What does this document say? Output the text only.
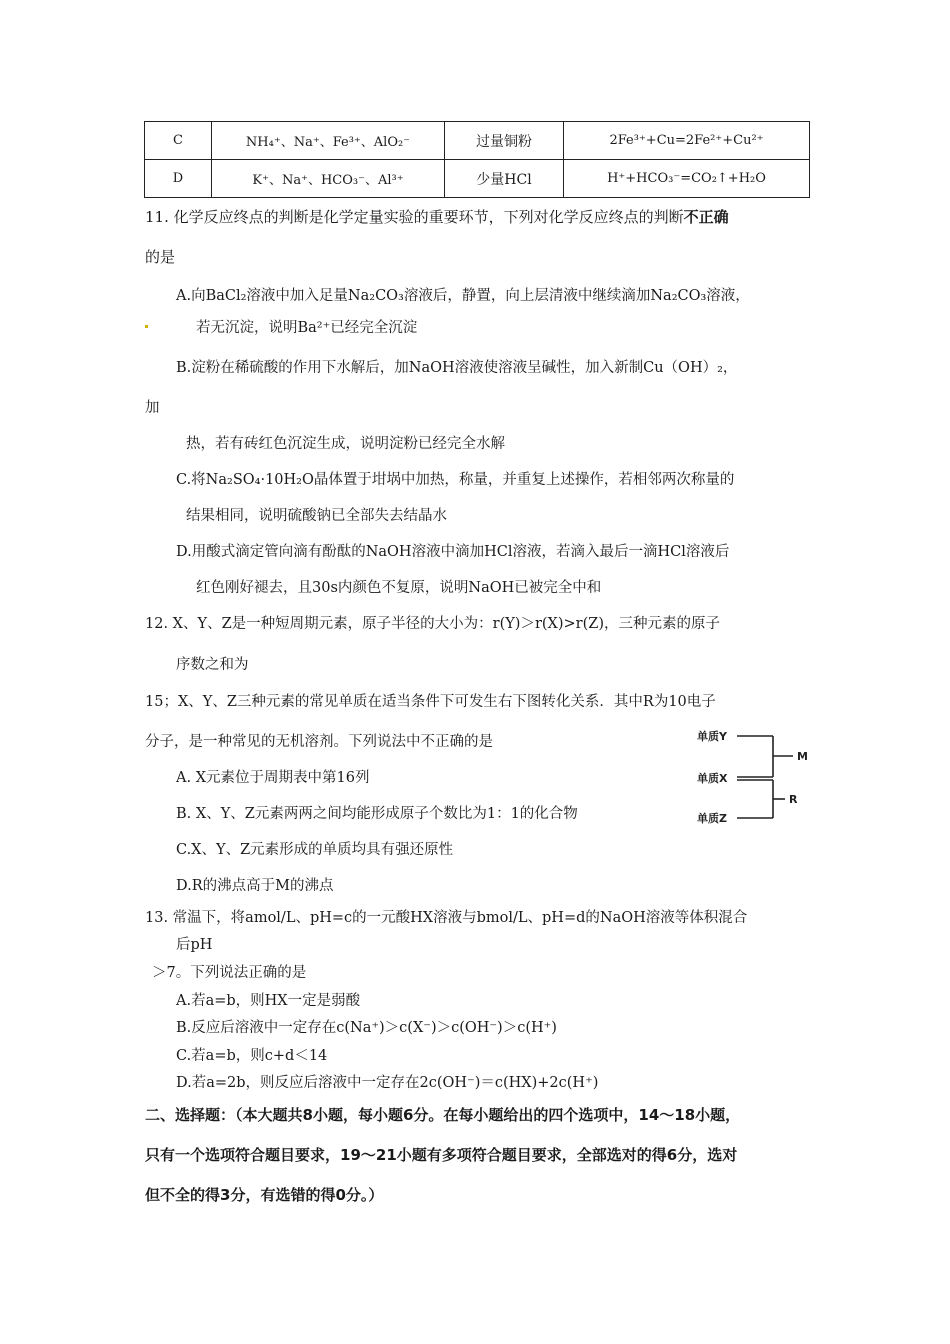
C	NH₄⁺、Na⁺、Fe³⁺、AlO₂⁻	过量铜粉	2Fe³⁺+Cu=2Fe²⁺+Cu²⁺
D	K⁺、Na⁺、HCO₃⁻、Al³⁺	少量HCl	H⁺+HCO₃⁻=CO₂↑+H₂O
11. 化学反应终点的判断是化学定量实验的重要环节，下列对化学反应终点的判断不正确
的是
A.向BaCl₂溶液中加入足量Na₂CO₃溶液后，静置，向上层清液中继续滴加Na₂CO₃溶液，
若无沉淀，说明Ba²⁺已经完全沉淀
B.淀粉在稀硫酸的作用下水解后，加NaOH溶液使溶液呈碱性，加入新制Cu（OH）₂，
加
热，若有砖红色沉淀生成，说明淀粉已经完全水解
C.将Na₂SO₄·10H₂O晶体置于坩埚中加热，称量，并重复上述操作，若相邻两次称量的
结果相同，说明硫酸钠已全部失去结晶水
D.用酸式滴定管向滴有酚酞的NaOH溶液中滴加HCl溶液，若滴入最后一滴HCl溶液后
红色刚好褪去，且30s内颜色不复原，说明NaOH已被完全中和
12. X、Y、Z是一种短周期元素，原子半径的大小为：r(Y)＞r(X)>r(Z)，三种元素的原子
序数之和为
15；X、Y、Z三种元素的常见单质在适当条件下可发生右下图转化关系．其中R为10电子
分子，是一种常见的无机溶剂。下列说法中不正确的是
A. X元素位于周期表中第16列
B. X、Y、Z元素两两之间均能形成原子个数比为1：1的化合物
C.X、Y、Z元素形成的单质均具有强还原性
D.R的沸点高于M的沸点
单质Y
单质X
单质Z
M
R
13. 常温下，将amol/L、pH=c的一元酸HX溶液与bmol/L、pH=d的NaOH溶液等体积混合
后pH
＞7。下列说法正确的是
A.若a=b，则HX一定是弱酸
B.反应后溶液中一定存在c(Na⁺)＞c(X⁻)＞c(OH⁻)＞c(H⁺)
C.若a=b，则c+d＜14
D.若a=2b，则反应后溶液中一定存在2c(OH⁻)＝c(HX)+2c(H⁺)
二、选择题：（本大题共8小题，每小题6分。在每小题给出的四个选项中，14～18小题，
只有一个选项符合题目要求，19～21小题有多项符合题目要求，全部选对的得6分，选对
但不全的得3分，有选错的得0分。）
